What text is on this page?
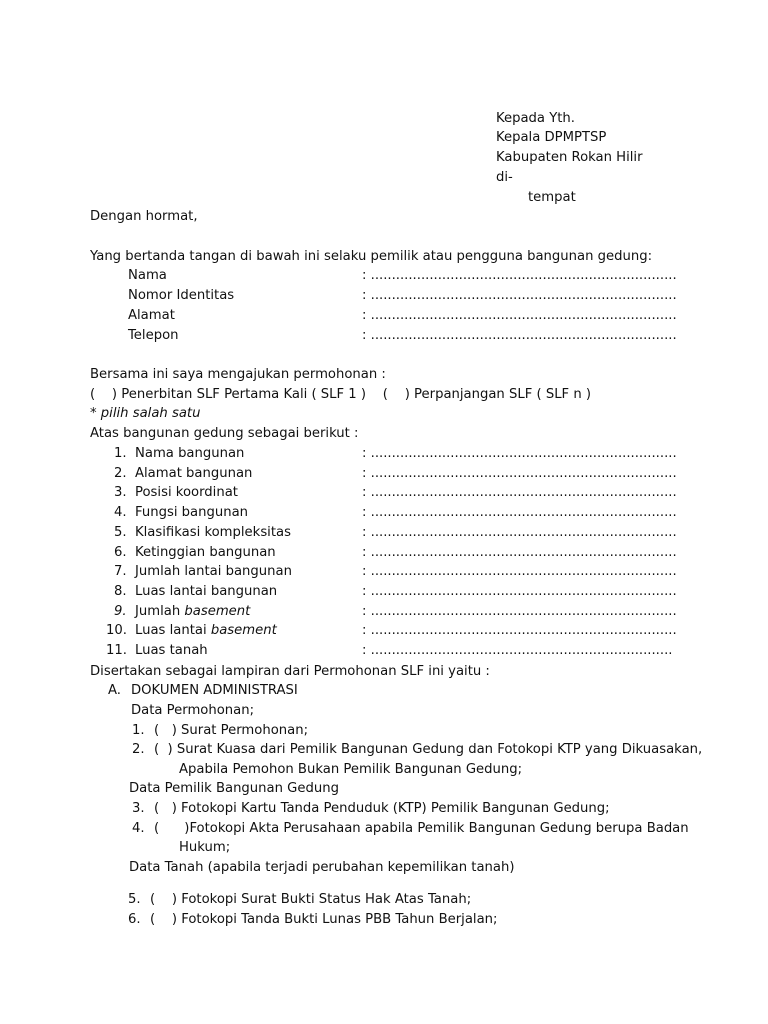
Kepada Yth.
Kepala DPMPTSP
Kabupaten Rokan Hilir
di-
tempat
Dengan hormat,
Yang bertanda tangan di bawah ini selaku pemilik atau pengguna bangunan gedung:
Nama	: .........................................................................
Nomor Identitas	: .........................................................................
Alamat	: .........................................................................
Telepon	: .........................................................................
Bersama ini saya mengajukan permohonan :
(    ) Penerbitan SLF Pertama Kali ( SLF 1 )    (    ) Perpanjangan SLF ( SLF n )
* pilih salah satu
Atas bangunan gedung sebagai berikut :
1. Nama bangunan	: .........................................................................
2. Alamat bangunan	: .........................................................................
3. Posisi koordinat	: .........................................................................
4. Fungsi bangunan	: .........................................................................
5. Klasifikasi kompleksitas	: .........................................................................
6. Ketinggian bangunan	: .........................................................................
7. Jumlah lantai bangunan	: .........................................................................
8. Luas lantai bangunan	: .........................................................................
9. Jumlah basement	: .........................................................................
10. Luas lantai basement	: .........................................................................
11. Luas tanah	: ........................................................................
Disertakan sebagai lampiran dari Permohonan SLF ini yaitu :
A. DOKUMEN ADMINISTRASI
Data Permohonan;
1. (   ) Surat Permohonan;
2. (  ) Surat Kuasa dari Pemilik Bangunan Gedung dan Fotokopi KTP yang Dikuasakan,
Apabila Pemohon Bukan Pemilik Bangunan Gedung;
Data Pemilik Bangunan Gedung
3. (   ) Fotokopi Kartu Tanda Penduduk (KTP) Pemilik Bangunan Gedung;
4. (      )Fotokopi Akta Perusahaan apabila Pemilik Bangunan Gedung berupa Badan
Hukum;
Data Tanah (apabila terjadi perubahan kepemilikan tanah)
5. (    ) Fotokopi Surat Bukti Status Hak Atas Tanah;
6. (    ) Fotokopi Tanda Bukti Lunas PBB Tahun Berjalan;
